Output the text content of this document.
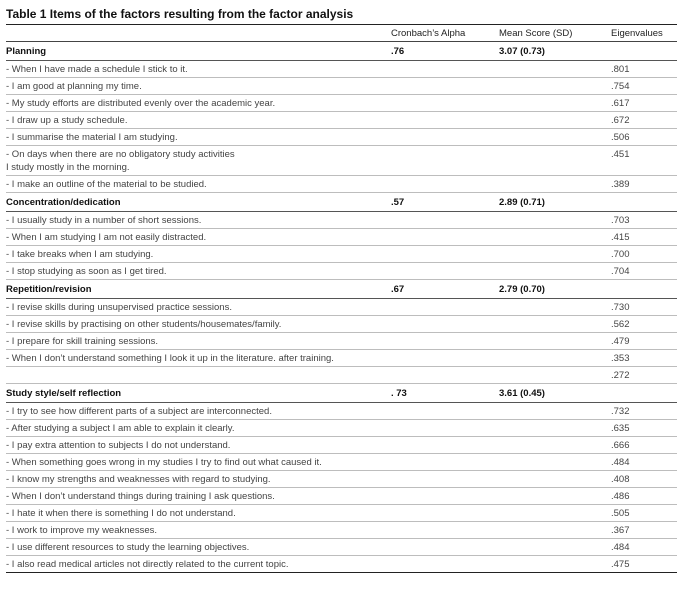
Table 1 Items of the factors resulting from the factor analysis
	Cronbach’s Alpha	Mean Score (SD)	Eigenvalues
Planning	.76	3.07 (0.73)	
- When I have made a schedule I stick to it.			.801
- I am good at planning my time.			.754
- My study efforts are distributed evenly over the academic year.			.617
- I draw up a study schedule.			.672
- I summarise the material I am studying.			.506
- On days when there are no obligatory study activities
I study mostly in the morning.			.451
- I make an outline of the material to be studied.			.389
Concentration/dedication	.57	2.89 (0.71)	
- I usually study in a number of short sessions.			.703
- When I am studying I am not easily distracted.			.415
- I take breaks when I am studying.			.700
- I stop studying as soon as I get tired.			.704
Repetition/revision	.67	2.79 (0.70)	
- I revise skills during unsupervised practice sessions.			.730
- I revise skills by practising on other students/housemates/family.			.562
- I prepare for skill training sessions.			.479
- When I don’t understand something I look it up in the literature. after training.			.353
			.272
Study style/self reflection	. 73	3.61 (0.45)	
- I try to see how different parts of a subject are interconnected.			.732
- After studying a subject I am able to explain it clearly.			.635
- I pay extra attention to subjects I do not understand.			.666
- When something goes wrong in my studies I try to find out what caused it.			.484
- I know my strengths and weaknesses with regard to studying.			.408
- When I don’t understand things during training I ask questions.			.486
- I hate it when there is something I do not understand.			.505
- I work to improve my weaknesses.			.367
- I use different resources to study the learning objectives.			.484
- I also read medical articles not directly related to the current topic.			.475
